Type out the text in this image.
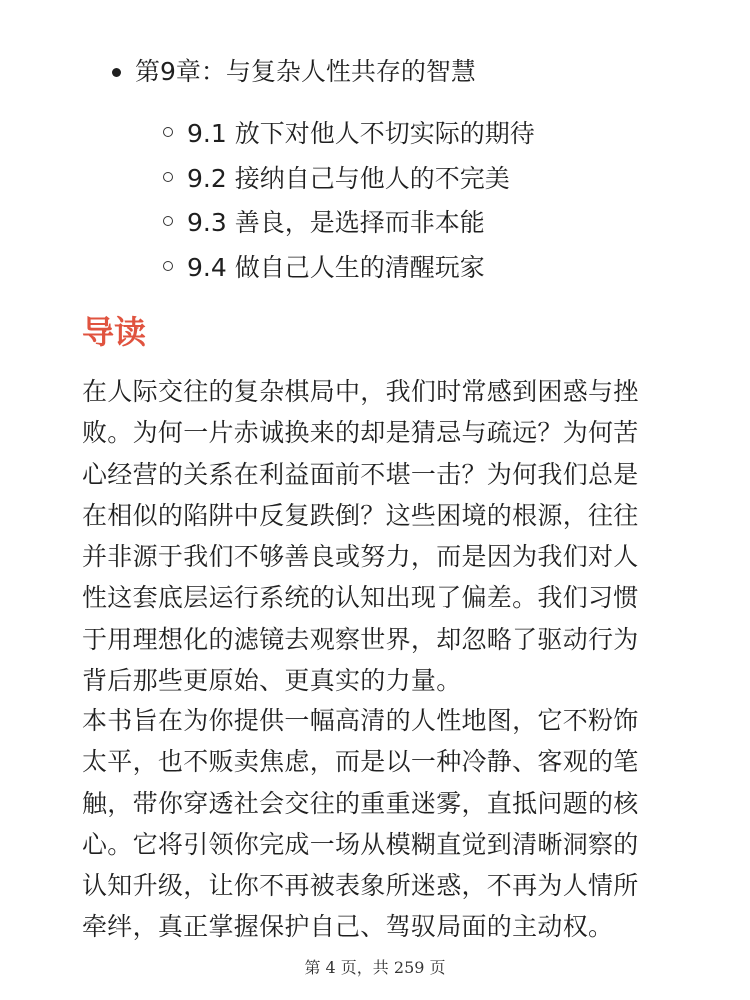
第9章：与复杂人性共存的智慧
9.1 放下对他人不切实际的期待
9.2 接纳自己与他人的不完美
9.3 善良，是选择而非本能
9.4 做自己人生的清醒玩家
导读

在人际交往的复杂棋局中，我们时常感到困惑与挫
败。为何一片赤诚换来的却是猜忌与疏远？为何苦
心经营的关系在利益面前不堪一击？为何我们总是
在相似的陷阱中反复跌倒？这些困境的根源，往往
并非源于我们不够善良或努力，而是因为我们对人
性这套底层运行系统的认知出现了偏差。我们习惯
于用理想化的滤镜去观察世界，却忽略了驱动行为
背后那些更原始、更真实的力量。

本书旨在为你提供一幅高清的人性地图，它不粉饰
太平，也不贩卖焦虑，而是以一种冷静、客观的笔
触，带你穿透社会交往的重重迷雾，直抵问题的核
心。它将引领你完成一场从模糊直觉到清晰洞察的
认知升级，让你不再被表象所迷惑，不再为人情所
牵绊，真正掌握保护自己、驾驭局面的主动权。

第 4 页，共 259 页
